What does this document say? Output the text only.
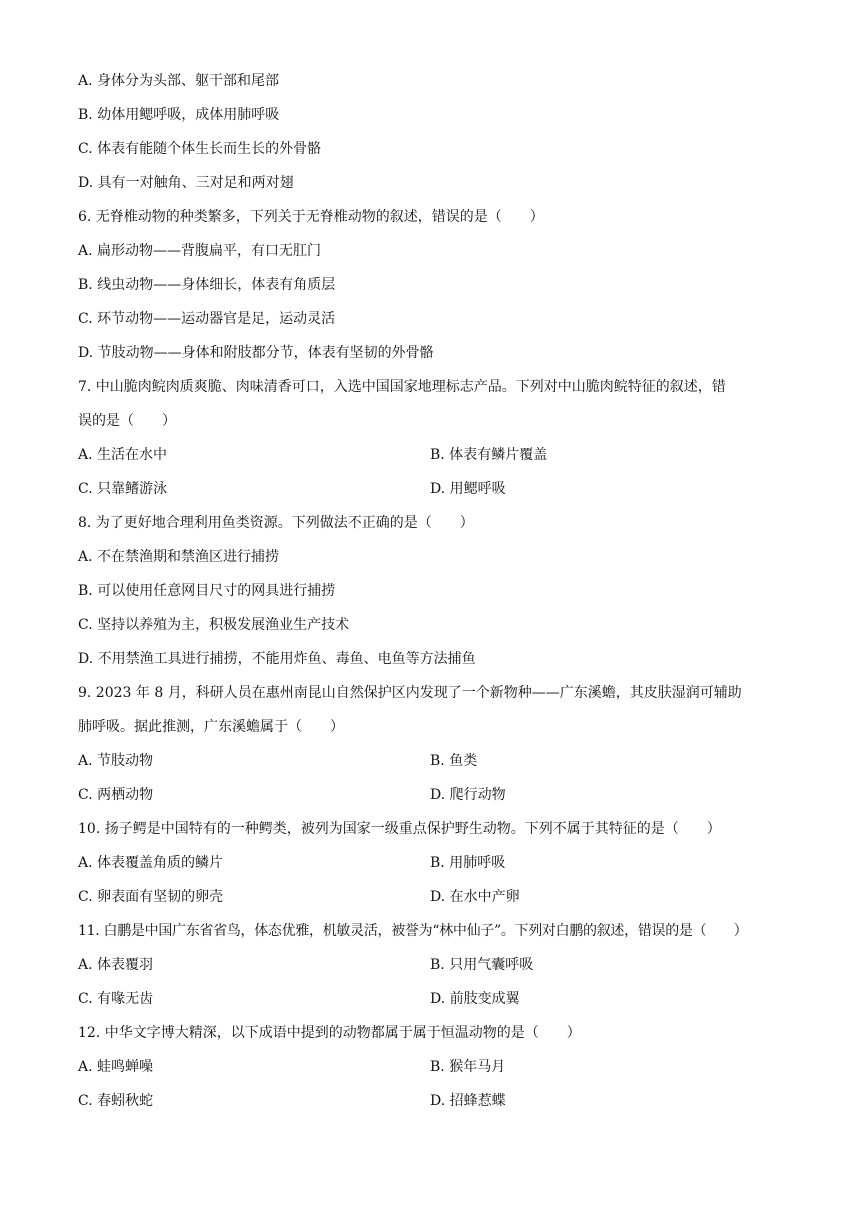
A. 身体分为头部、躯干部和尾部
B. 幼体用鳃呼吸，成体用肺呼吸
C. 体表有能随个体生长而生长的外骨骼
D. 具有一对触角、三对足和两对翅
6. 无脊椎动物的种类繁多，下列关于无脊椎动物的叙述，错误的是（　　）
A. 扁形动物——背腹扁平，有口无肛门
B. 线虫动物——身体细长，体表有角质层
C. 环节动物——运动器官是足，运动灵活
D. 节肢动物——身体和附肢都分节，体表有坚韧的外骨骼
7. 中山脆肉鲩肉质爽脆、肉味清香可口，入选中国国家地理标志产品。下列对中山脆肉鲩特征的叙述，错
误的是（　　）
A. 生活在水中	B. 体表有鳞片覆盖
C. 只靠鳍游泳	D. 用鳃呼吸
8. 为了更好地合理利用鱼类资源。下列做法不正确的是（　　）
A. 不在禁渔期和禁渔区进行捕捞
B. 可以使用任意网目尺寸的网具进行捕捞
C. 坚持以养殖为主，积极发展渔业生产技术
D. 不用禁渔工具进行捕捞，不能用炸鱼、毒鱼、电鱼等方法捕鱼
9. 2023 年 8 月，科研人员在惠州南昆山自然保护区内发现了一个新物种——广东溪蟾，其皮肤湿润可辅助
肺呼吸。据此推测，广东溪蟾属于（　　）
A. 节肢动物	B. 鱼类
C. 两栖动物	D. 爬行动物
10. 扬子鳄是中国特有的一种鳄类，被列为国家一级重点保护野生动物。下列不属于其特征的是（　　）
A. 体表覆盖角质的鳞片	B. 用肺呼吸
C. 卵表面有坚韧的卵壳	D. 在水中产卵
11. 白鹏是中国广东省省鸟，体态优雅，机敏灵活，被誉为“林中仙子”。下列对白鹏的叙述，错误的是（　　）
A. 体表覆羽	B. 只用气囊呼吸
C. 有喙无齿	D. 前肢变成翼
12. 中华文字博大精深，以下成语中提到的动物都属于属于恒温动物的是（　　）
A. 蛙鸣蝉噪	B. 猴年马月
C. 春蚓秋蛇	D. 招蜂惹蝶
